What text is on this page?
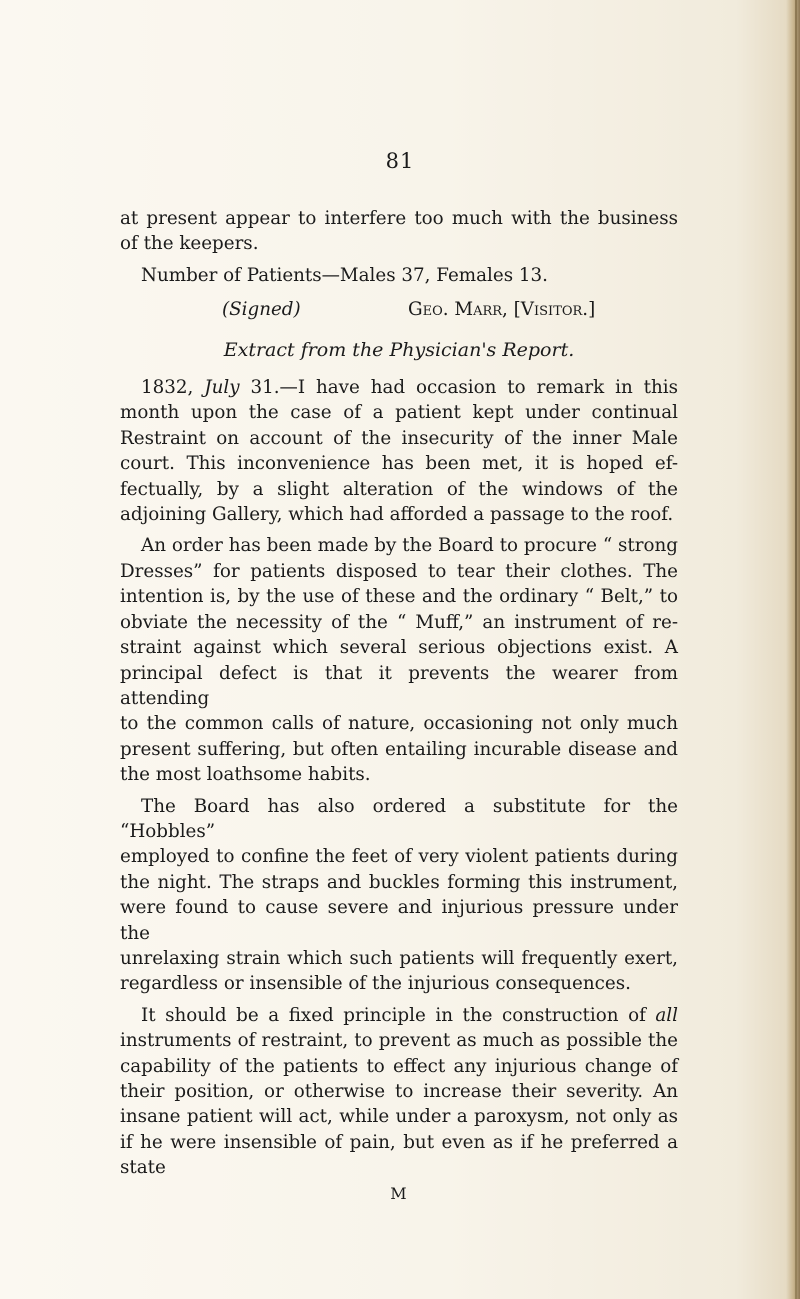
81

at present appear to interfere too much with the business

of the keepers.

Number of Patients—Males 37, Females 13.

(Signed)	Geo. Marr, [Visitor.]

Extract from the Physician's Report.

1832, July 31.—I have had occasion to remark in this

month upon the case of a patient kept under continual

Restraint on account of the insecurity of the inner Male

court. This inconvenience has been met, it is hoped ef-

fectually, by a slight alteration of the windows of the

adjoining Gallery, which had afforded a passage to the roof.

An order has been made by the Board to procure “ strong

Dresses” for patients disposed to tear their clothes. The

intention is, by the use of these and the ordinary “ Belt,” to

obviate the necessity of the “ Muff,” an instrument of re-

straint against which several serious objections exist. A

principal defect is that it prevents the wearer from attending

to the common calls of nature, occasioning not only much

present suffering, but often entailing incurable disease and

the most loathsome habits.

The Board has also ordered a substitute for the “Hobbles”

employed to confine the feet of very violent patients during

the night. The straps and buckles forming this instrument,

were found to cause severe and injurious pressure under the

unrelaxing strain which such patients will frequently exert,

regardless or insensible of the injurious consequences.

It should be a fixed principle in the construction of all

instruments of restraint, to prevent as much as possible the

capability of the patients to effect any injurious change of

their position, or otherwise to increase their severity. An

insane patient will act, while under a paroxysm, not only as

if he were insensible of pain, but even as if he preferred a state

M
